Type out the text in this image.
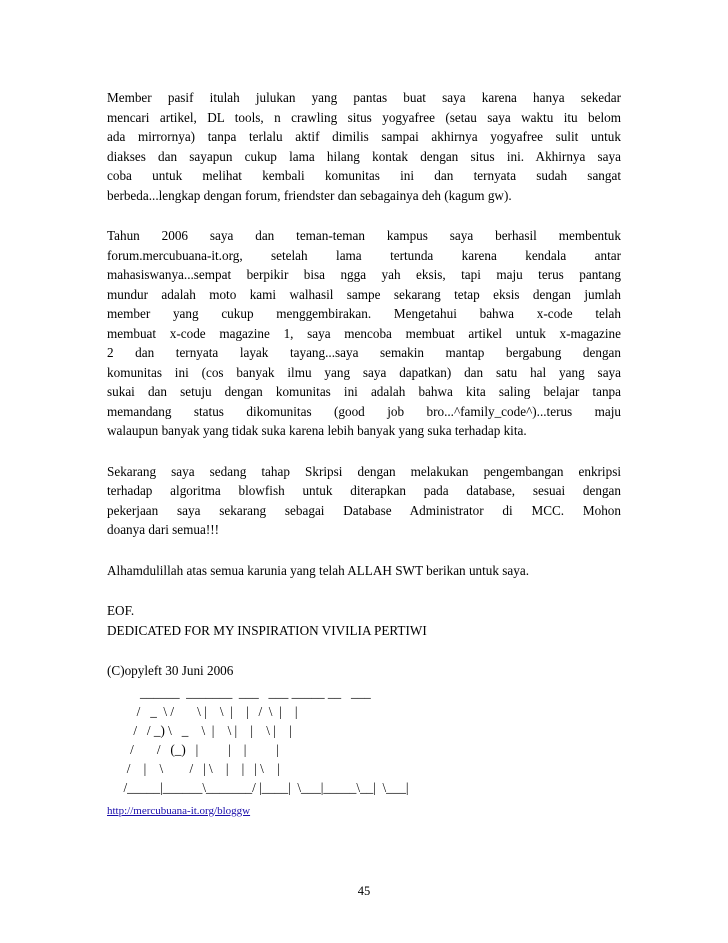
Member pasif itulah julukan yang pantas buat saya karena hanya sekedar
mencari artikel, DL tools, n crawling situs yogyafree (setau saya waktu itu belom
ada mirrornya) tanpa terlalu aktif dimilis sampai akhirnya yogyafree sulit untuk
diakses dan sayapun cukup lama hilang kontak dengan situs ini. Akhirnya saya
coba untuk melihat kembali komunitas ini dan ternyata sudah sangat
berbeda...lengkap dengan forum, friendster dan sebagainya deh (kagum gw).

Tahun 2006 saya dan teman-teman kampus saya berhasil membentuk
forum.mercubuana-it.org, setelah lama tertunda karena kendala antar
mahasiswanya...sempat berpikir bisa ngga yah eksis, tapi maju terus pantang
mundur adalah moto kami walhasil sampe sekarang tetap eksis dengan jumlah
member yang cukup menggembirakan. Mengetahui bahwa x-code telah
membuat x-code magazine 1, saya mencoba membuat artikel untuk x-magazine
2 dan ternyata layak tayang...saya semakin mantap bergabung dengan
komunitas ini (cos banyak ilmu yang saya dapatkan) dan satu hal yang saya
sukai dan setuju dengan komunitas ini adalah bahwa kita saling belajar tanpa
memandang status dikomunitas (good job bro...^family_code^)...terus maju
walaupun banyak yang tidak suka karena lebih banyak yang suka terhadap kita.

Sekarang saya sedang tahap Skripsi dengan melakukan pengembangan enkripsi
terhadap algoritma blowfish untuk diterapkan pada database, sesuai dengan
pekerjaan saya sekarang sebagai Database Administrator di MCC. Mohon
doanya dari semua!!!

Alhamdulillah atas semua karunia yang telah ALLAH SWT berikan untuk saya.
EOF.
DEDICATED FOR MY INSPIRATION VIVILIA PERTIWI
(C)opyleft 30 Juni 2006
______  _______  ___   ___ _____ __   ___
/   _  \ /       \ |    \  |    |   /  \  |    |
/   / _) \   _    \  |    \ |    |    \ |    |
/       /   (_)   |         |    |         |
/    |    \        /   | \    |    |   | \    |
/_____|______\_______/ |____|  \___|_____\__|  \___|
http://mercubuana-it.org/bloggw
45
